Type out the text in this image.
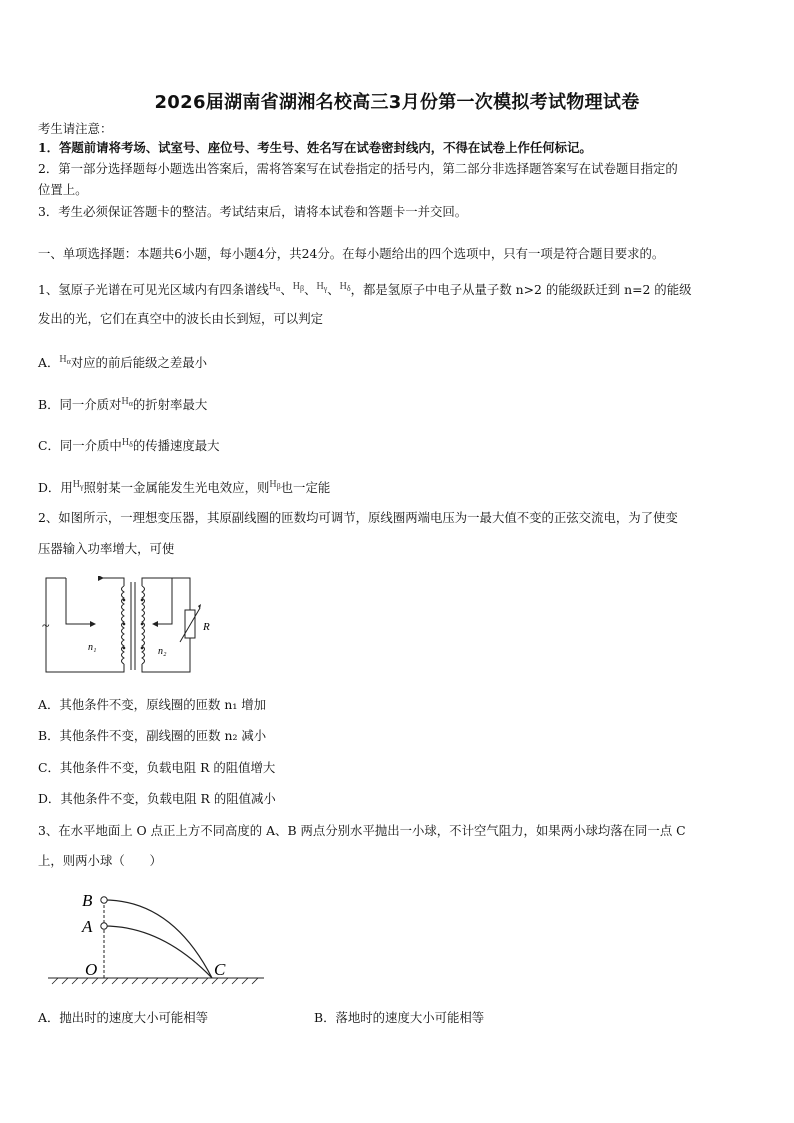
2026届湖南省湖湘名校高三3月份第一次模拟考试物理试卷
考生请注意：
1．答题前请将考场、试室号、座位号、考生号、姓名写在试卷密封线内，不得在试卷上作任何标记。
2．第一部分选择题每小题选出答案后，需将答案写在试卷指定的括号内，第二部分非选择题答案写在试卷题目指定的
位置上。
3．考生必须保证答题卡的整洁。考试结束后，请将本试卷和答题卡一并交回。
一、单项选择题：本题共6小题，每小题4分，共24分。在每小题给出的四个选项中，只有一项是符合题目要求的。
1、氢原子光谱在可见光区域内有四条谱线$^{H_\alpha}$、$^{H_\beta}$、$^{H_\gamma}$、$^{H_\delta}$，都是氢原子中电子从量子数 n>2 的能级跃迁到 n=2 的能级
发出的光，它们在真空中的波长由长到短，可以判定
A．$^{H_\alpha}$对应的前后能级之差最小
B．同一介质对$^{H_\alpha}$的折射率最大
C．同一介质中$^{H_\delta}$的传播速度最大
D．用$^{H_\gamma}$照射某一金属能发生光电效应，则$^{H_\beta}$也一定能
2、如图所示，一理想变压器，其原副线圈的匝数均可调节，原线圈两端电压为一最大值不变的正弦交流电，为了使变
压器输入功率增大，可使
~
n₁	n₂
R
A．其他条件不变，原线圈的匝数 n₁ 增加
B．其他条件不变，副线圈的匝数 n₂ 减小
C．其他条件不变，负载电阻 R 的阻值增大
D．其他条件不变，负载电阻 R 的阻值减小
3、在水平地面上 O 点正上方不同高度的 A、B 两点分别水平抛出一小球，不计空气阻力，如果两小球均落在同一点 C
上，则两小球（　　）
B
A
O	C
A．抛出时的速度大小可能相等	B．落地时的速度大小可能相等
